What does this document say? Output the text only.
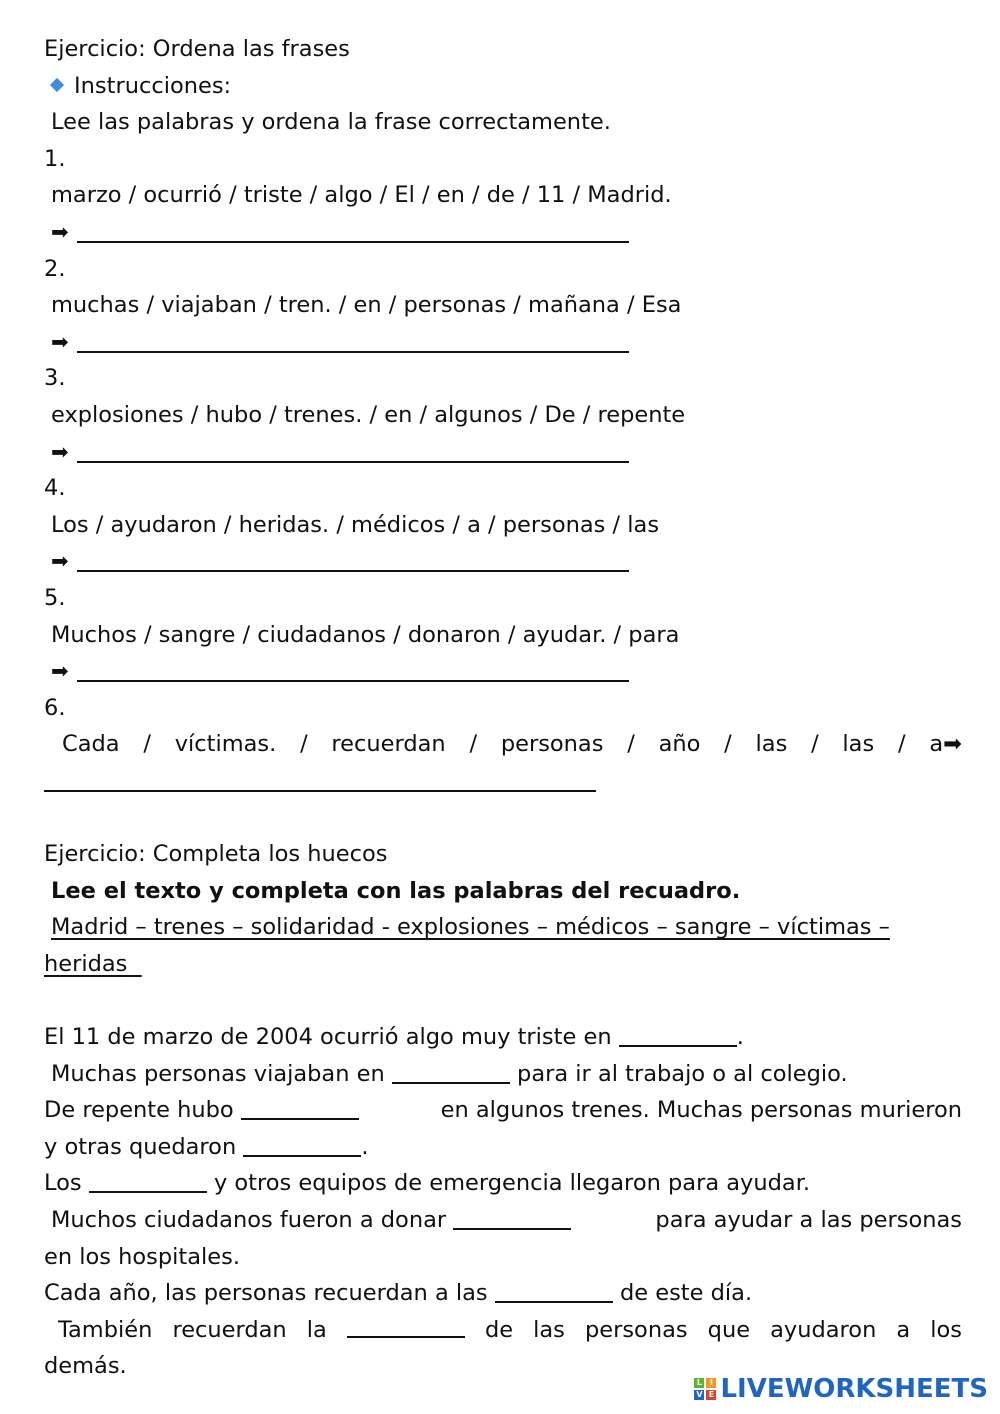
Ejercicio: Ordena las frases
Instrucciones:
Lee las palabras y ordena la frase correctamente.
1.
marzo / ocurrió / triste / algo / El / en / de / 11 / Madrid.
➡
2.
muchas / viajaban / tren. / en / personas / mañana / Esa
➡
3.
explosiones / hubo / trenes. / en / algunos / De / repente
➡
4.
Los / ayudaron / heridas. / médicos / a / personas / las
➡
5.
Muchos / sangre / ciudadanos / donaron / ayudar. / para
➡
6.
Cada / víctimas. / recuerdan / personas / año / las / las / a➡
Ejercicio: Completa los huecos
Lee el texto y completa con las palabras del recuadro.
Madrid – trenes – solidaridad - explosiones – médicos – sangre – víctimas –
heridas
El 11 de marzo de 2004 ocurrió algo muy triste en	.
Muchas personas viajaban en	para ir al trabajo o al colegio.
De repente hubo	en algunos trenes. Muchas personas murieron
y otras quedaron	.
Los	y otros equipos de emergencia llegaron para ayudar.
Muchos ciudadanos fueron a donar	para ayudar a las personas
en los hospitales.
Cada año, las personas recuerdan a las	de este día.
También recuerdan la	de las personas que ayudaron a los
demás.
L I
V E LIVEWORKSHEETS
